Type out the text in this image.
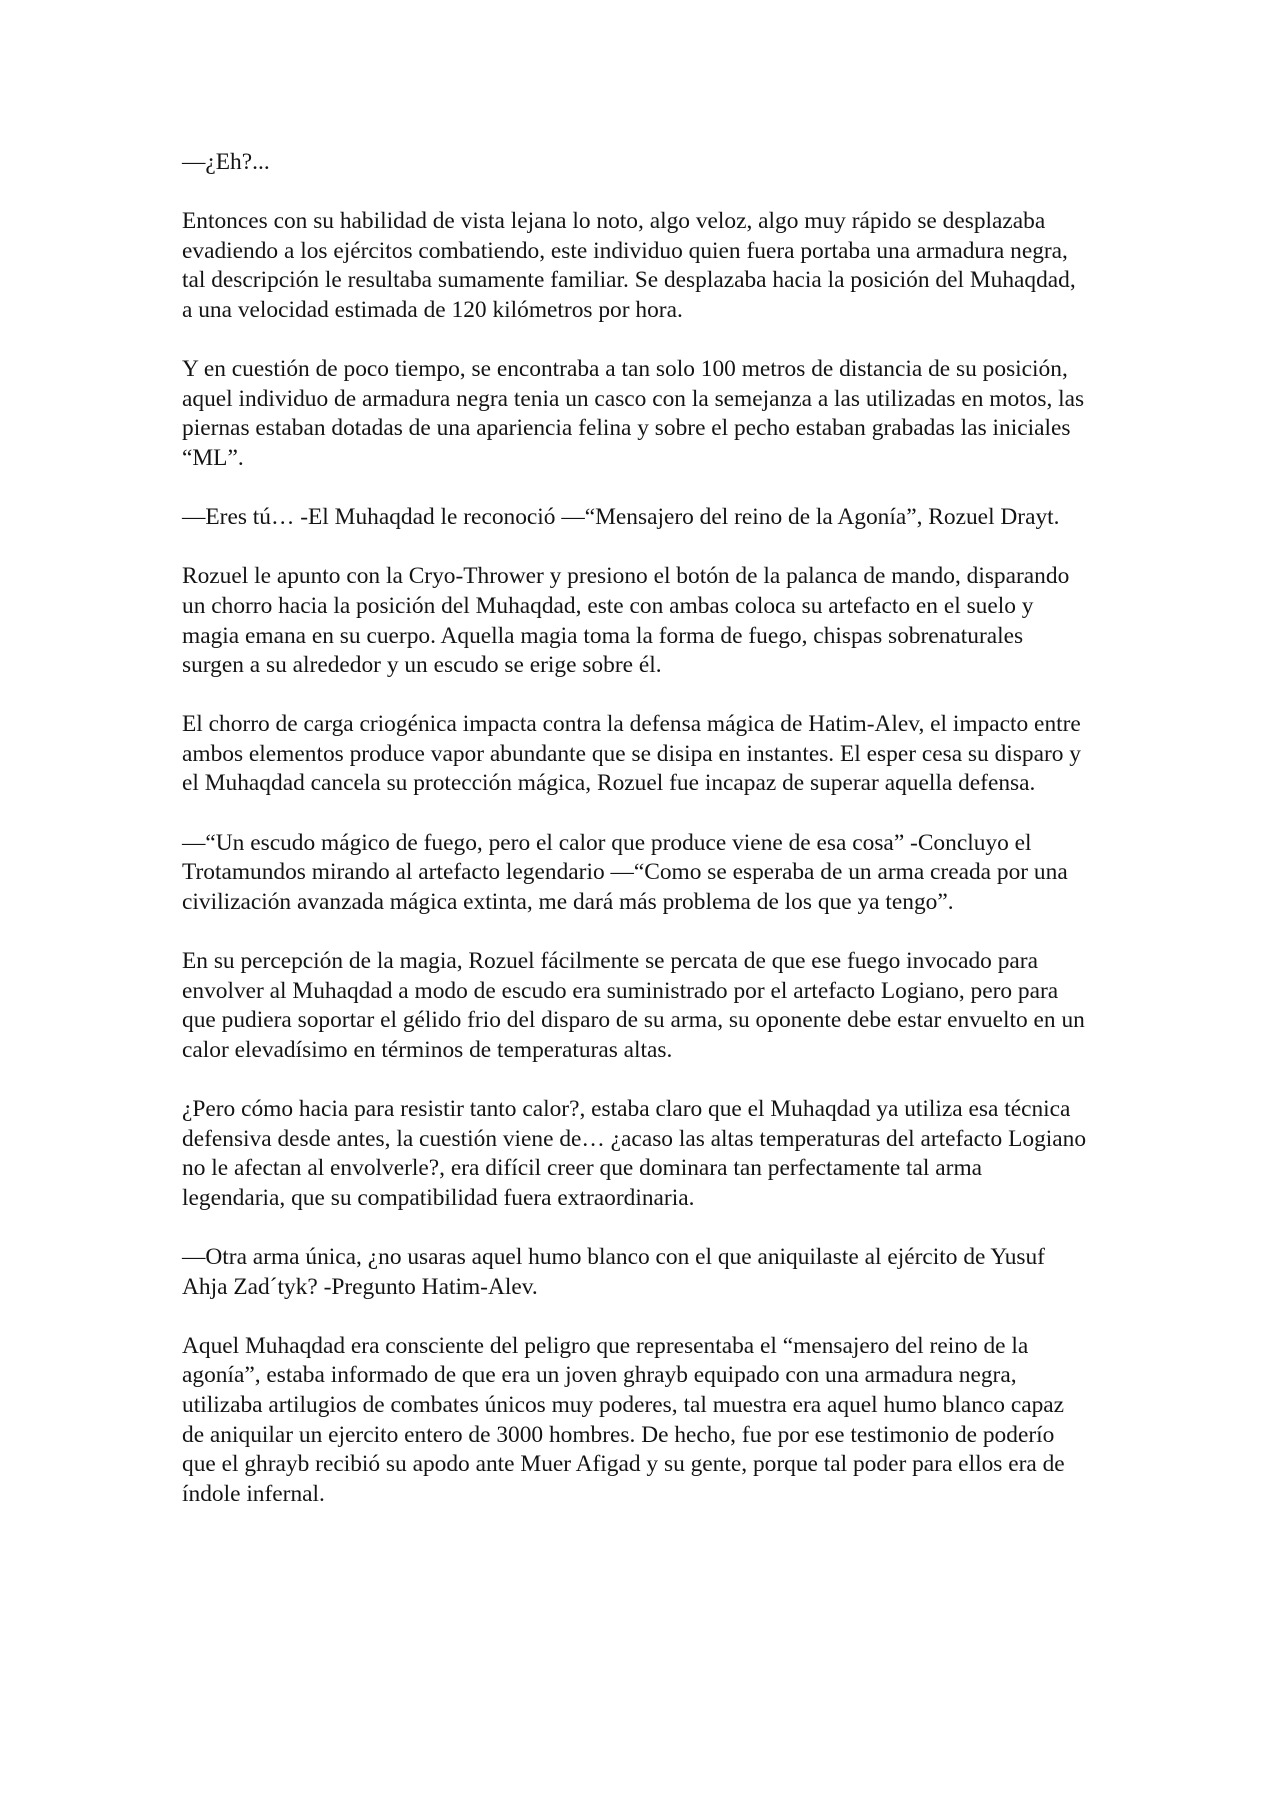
—¿Eh?...

Entonces con su habilidad de vista lejana lo noto, algo veloz, algo muy rápido se desplazaba evadiendo a los ejércitos combatiendo, este individuo quien fuera portaba una armadura negra, tal descripción le resultaba sumamente familiar. Se desplazaba hacia la posición del Muhaqdad, a una velocidad estimada de 120 kilómetros por hora.

Y en cuestión de poco tiempo, se encontraba a tan solo 100 metros de distancia de su posición, aquel individuo de armadura negra tenia un casco con la semejanza a las utilizadas en motos, las piernas estaban dotadas de una apariencia felina y sobre el pecho estaban grabadas las iniciales “ML”.

—Eres tú… -El Muhaqdad le reconoció —“Mensajero del reino de la Agonía”, Rozuel Drayt.

Rozuel le apunto con la Cryo-Thrower y presiono el botón de la palanca de mando, disparando un chorro hacia la posición del Muhaqdad, este con ambas coloca su artefacto en el suelo y magia emana en su cuerpo. Aquella magia toma la forma de fuego, chispas sobrenaturales surgen a su alrededor y un escudo se erige sobre él.

El chorro de carga criogénica impacta contra la defensa mágica de Hatim-Alev, el impacto entre ambos elementos produce vapor abundante que se disipa en instantes. El esper cesa su disparo y el Muhaqdad cancela su protección mágica, Rozuel fue incapaz de superar aquella defensa.

—“Un escudo mágico de fuego, pero el calor que produce viene de esa cosa” -Concluyo el Trotamundos mirando al artefacto legendario —“Como se esperaba de un arma creada por una civilización avanzada mágica extinta, me dará más problema de los que ya tengo”.

En su percepción de la magia, Rozuel fácilmente se percata de que ese fuego invocado para envolver al Muhaqdad a modo de escudo era suministrado por el artefacto Logiano, pero para que pudiera soportar el gélido frio del disparo de su arma, su oponente debe estar envuelto en un calor elevadísimo en términos de temperaturas altas.

¿Pero cómo hacia para resistir tanto calor?, estaba claro que el Muhaqdad ya utiliza esa técnica defensiva desde antes, la cuestión viene de… ¿acaso las altas temperaturas del artefacto Logiano no le afectan al envolverle?, era difícil creer que dominara tan perfectamente tal arma legendaria, que su compatibilidad fuera extraordinaria.

—Otra arma única, ¿no usaras aquel humo blanco con el que aniquilaste al ejército de Yusuf Ahja Zad´tyk? -Pregunto Hatim-Alev.

Aquel Muhaqdad era consciente del peligro que representaba el “mensajero del reino de la agonía”, estaba informado de que era un joven ghrayb equipado con una armadura negra, utilizaba artilugios de combates únicos muy poderes, tal muestra era aquel humo blanco capaz de aniquilar un ejercito entero de 3000 hombres. De hecho, fue por ese testimonio de poderío que el ghrayb recibió su apodo ante Muer Afigad y su gente, porque tal poder para ellos era de índole infernal.
